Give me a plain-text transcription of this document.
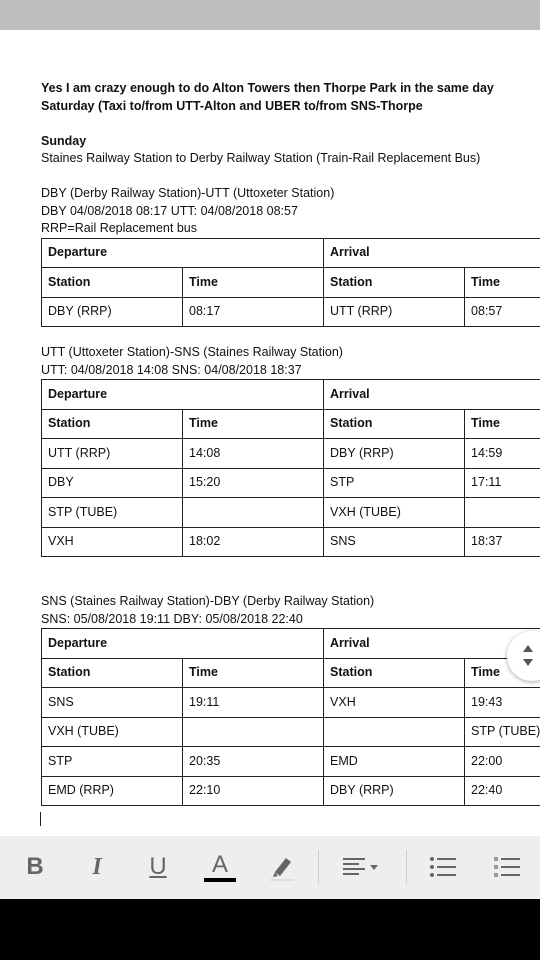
Yes I am crazy enough to do Alton Towers then Thorpe Park in the same day
Saturday (Taxi to/from UTT-Alton and UBER to/from SNS-Thorpe
Sunday
Staines Railway Station to Derby Railway Station (Train-Rail Replacement Bus)
DBY (Derby Railway Station)-UTT (Uttoxeter Station)
DBY 04/08/2018 08:17 UTT: 04/08/2018 08:57
RRP=Rail Replacement bus
Departure		Arrival	
Station	Time	Station	Time
DBY (RRP)	08:17	UTT (RRP)	08:57
UTT (Uttoxeter Station)-SNS (Staines Railway Station)
UTT: 04/08/2018 14:08 SNS: 04/08/2018 18:37
Departure		Arrival	
Station	Time	Station	Time
UTT (RRP)	14:08	DBY (RRP)	14:59
DBY	15:20	STP	17:11
STP (TUBE)		VXH (TUBE)	
VXH	18:02	SNS	18:37
SNS (Staines Railway Station)-DBY (Derby Railway Station)
SNS: 05/08/2018 19:11 DBY: 05/08/2018 22:40
Departure		Arrival	
Station	Time	Station	Time
SNS	19:11	VXH	19:43
VXH (TUBE)			STP (TUBE)
STP	20:35	EMD	22:00
EMD (RRP)	22:10	DBY (RRP)	22:40
B	I	U A
